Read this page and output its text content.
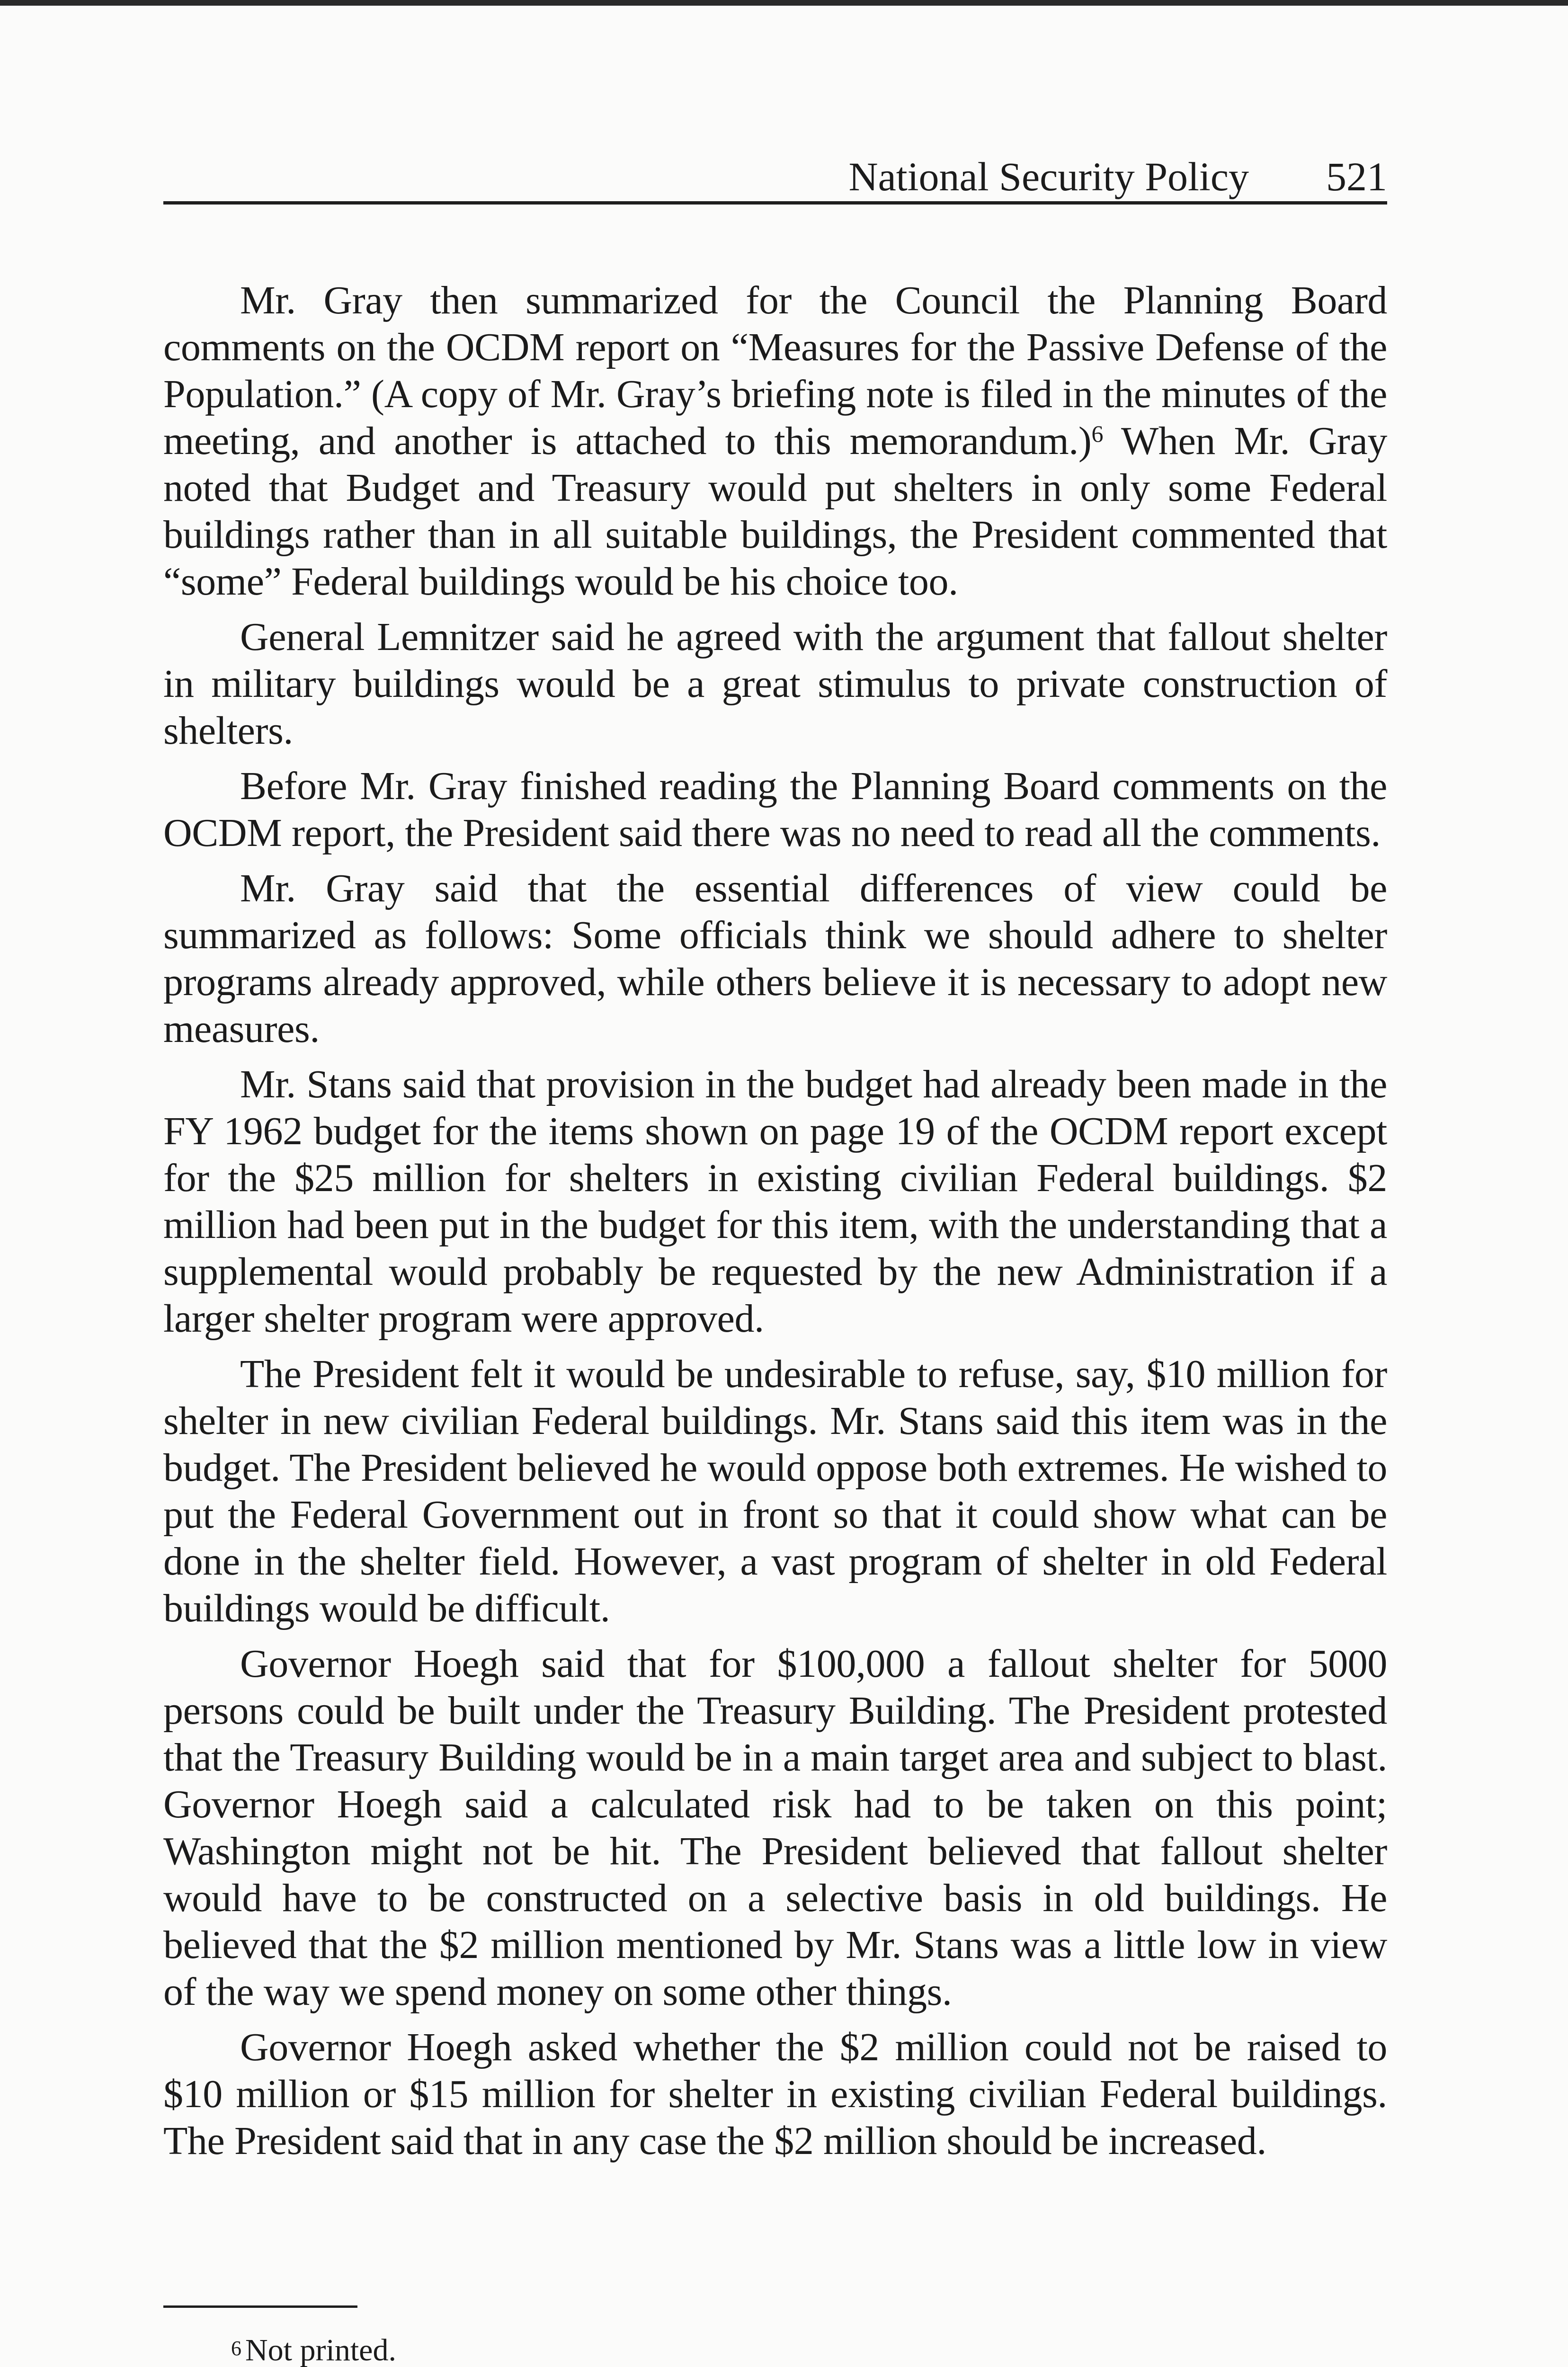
National Security Policy 521

Mr. Gray then summarized for the Council the Planning Board comments on the OCDM report on “Measures for the Passive Defense of the Population.” (A copy of Mr. Gray’s briefing note is filed in the minutes of the meeting, and another is attached to this memorandum.)$^6$ When Mr. Gray noted that Budget and Treasury would put shelters in only some Federal buildings rather than in all suitable buildings, the President commented that “some” Federal buildings would be his choice too.

General Lemnitzer said he agreed with the argument that fallout shelter in military buildings would be a great stimulus to private construction of shelters.

Before Mr. Gray finished reading the Planning Board comments on the OCDM report, the President said there was no need to read all the comments.

Mr. Gray said that the essential differences of view could be summarized as follows: Some officials think we should adhere to shelter programs already approved, while others believe it is necessary to adopt new measures.

Mr. Stans said that provision in the budget had already been made in the FY 1962 budget for the items shown on page 19 of the OCDM report except for the $25 million for shelters in existing civilian Federal buildings. $2 million had been put in the budget for this item, with the understanding that a supplemental would probably be requested by the new Administration if a larger shelter program were approved.

The President felt it would be undesirable to refuse, say, $10 million for shelter in new civilian Federal buildings. Mr. Stans said this item was in the budget. The President believed he would oppose both extremes. He wished to put the Federal Government out in front so that it could show what can be done in the shelter field. However, a vast program of shelter in old Federal buildings would be difficult.

Governor Hoegh said that for $100,000 a fallout shelter for 5000 persons could be built under the Treasury Building. The President protested that the Treasury Building would be in a main target area and subject to blast. Governor Hoegh said a calculated risk had to be taken on this point; Washington might not be hit. The President believed that fallout shelter would have to be constructed on a selective basis in old buildings. He believed that the $2 million mentioned by Mr. Stans was a little low in view of the way we spend money on some other things.

Governor Hoegh asked whether the $2 million could not be raised to $10 million or $15 million for shelter in existing civilian Federal buildings. The President said that in any case the $2 million should be increased.

$^6$ Not printed.
